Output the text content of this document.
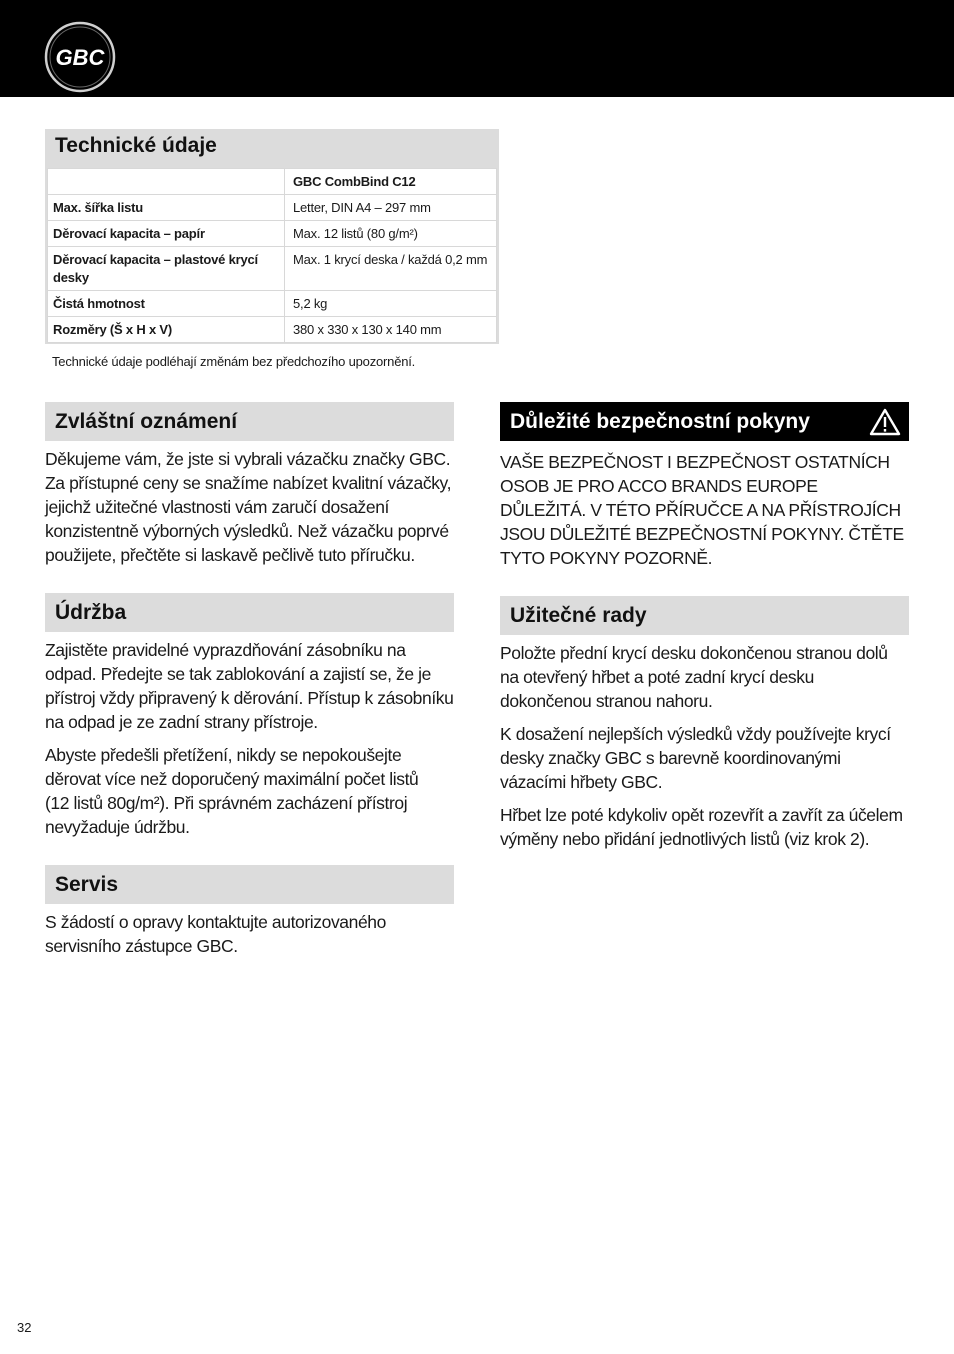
GBC
Technické údaje
	GBC CombBind C12
Max. šířka listu	Letter, DIN A4 – 297 mm
Děrovací kapacita – papír	Max. 12 listů (80 g/m²)
Děrovací kapacita – plastové krycí desky	Max. 1 krycí deska / každá 0,2 mm
Čistá hmotnost	5,2 kg
Rozměry (Š x H x V)	380 x 330 x 130 x 140 mm
Technické údaje podléhají změnám bez předchozího upozornění.
Zvláštní oznámení

Děkujeme vám, že jste si vybrali vázačku značky GBC. Za přístupné ceny se snažíme nabízet kvalitní vázačky, jejichž užitečné vlastnosti vám zaručí dosažení konzistentně výborných výsledků. Než vázačku poprvé použijete, přečtěte si laskavě pečlivě tuto příručku.

Údržba

Zajistěte pravidelné vyprazdňování zásobníku na odpad. Předejte se tak zablokování a zajistí se, že je přístroj vždy připravený k děrování. Přístup k zásobníku na odpad je ze zadní strany přístroje.

Abyste předešli přetížení, nikdy se nepokoušejte děrovat více než doporučený maximální počet listů (12 listů 80g/m²). Při správném zacházení přístroj nevyžaduje údržbu.

Servis

S žádostí o opravy kontaktujte autorizovaného servisního zástupce GBC.

Důležité bezpečnostní pokyny

VAŠE BEZPEČNOST I BEZPEČNOST OSTATNÍCH OSOB JE PRO ACCO BRANDS EUROPE DŮLEŽITÁ. V TÉTO PŘÍRUČCE A NA PŘÍSTROJÍCH JSOU DŮLEŽITÉ BEZPEČNOSTNÍ POKYNY. ČTĚTE TYTO POKYNY POZORNĚ.

Užitečné rady

Položte přední krycí desku dokončenou stranou dolů na otevřený hřbet a poté zadní krycí desku dokončenou stranou nahoru.

K dosažení nejlepších výsledků vždy používejte krycí desky značky GBC s barevně koordinovanými vázacími hřbety GBC.

Hřbet lze poté kdykoliv opět rozevřít a zavřít za účelem výměny nebo přidání jednotlivých listů (viz krok 2).

32
